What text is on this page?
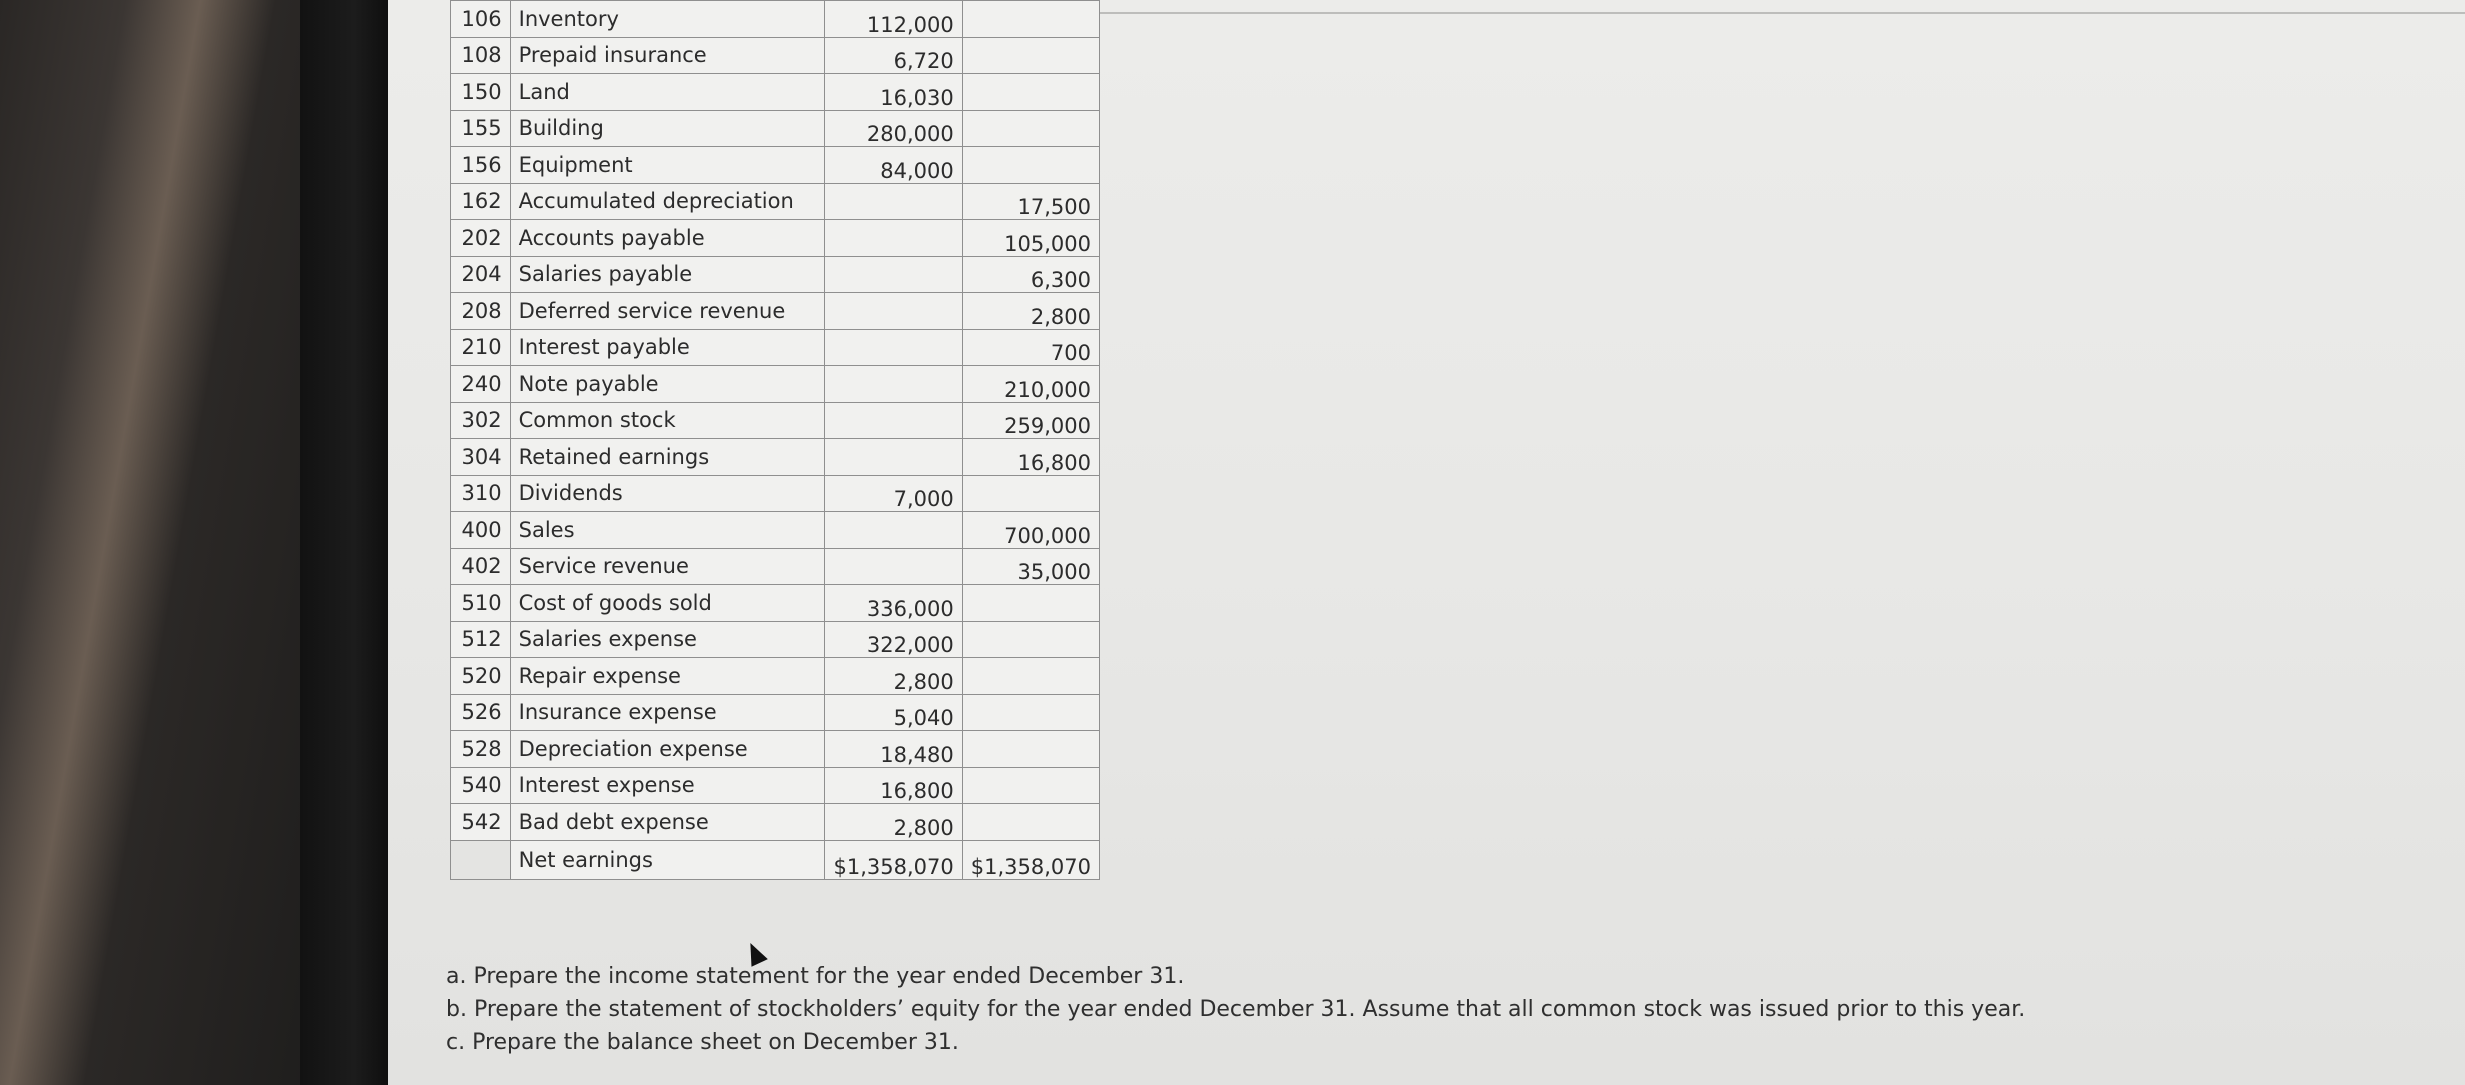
106	Inventory	112,000	
108	Prepaid insurance	6,720	
150	Land	16,030	
155	Building	280,000	
156	Equipment	84,000	
162	Accumulated depreciation		17,500
202	Accounts payable		105,000
204	Salaries payable		6,300
208	Deferred service revenue		2,800
210	Interest payable		700
240	Note payable		210,000
302	Common stock		259,000
304	Retained earnings		16,800
310	Dividends	7,000	
400	Sales		700,000
402	Service revenue		35,000
510	Cost of goods sold	336,000	
512	Salaries expense	322,000	
520	Repair expense	2,800	
526	Insurance expense	5,040	
528	Depreciation expense	18,480	
540	Interest expense	16,800	
542	Bad debt expense	2,800	
	Net earnings	$1,358,070	$1,358,070
a. Prepare the income statement for the year ended December 31.
b. Prepare the statement of stockholders’ equity for the year ended December 31. Assume that all common stock was issued prior to this year.
c. Prepare the balance sheet on December 31.
